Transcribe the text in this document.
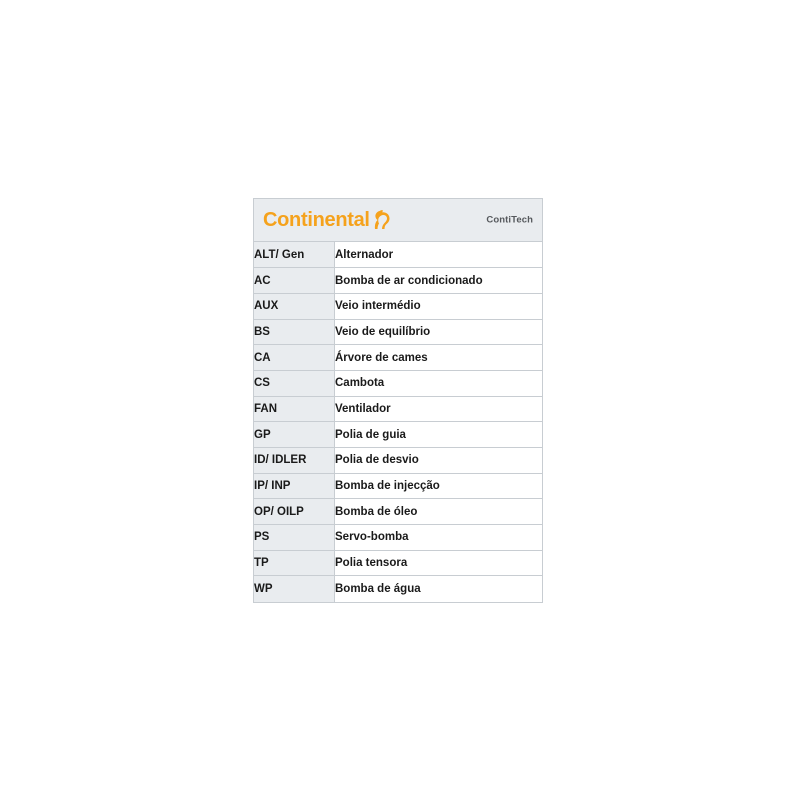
Continental	ContiTech
ALT/ Gen	Alternador
AC	Bomba de ar condicionado
AUX	Veio intermédio
BS	Veio de equilíbrio
CA	Árvore de cames
CS	Cambota
FAN	Ventilador
GP	Polia de guia
ID/ IDLER	Polia de desvio
IP/ INP	Bomba de injecção
OP/ OILP	Bomba de óleo
PS	Servo-bomba
TP	Polia tensora
WP	Bomba de água
